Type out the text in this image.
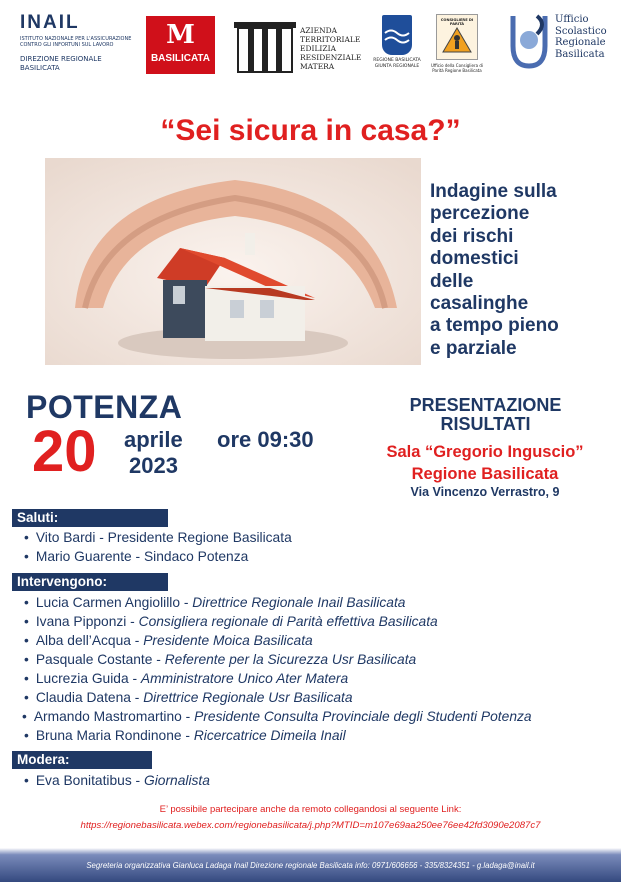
INAIL
ISTITUTO NAZIONALE PER L'ASSICURAZIONE CONTRO GLI INFORTUNI SUL LAVORO
DIREZIONE REGIONALE
BASILICATA
M
BASILICATA
AZIENDA
TERRITORIALE
EDILIZIA
RESIDENZIALE
MATERA
REGIONE BASILICATA GIUNTA REGIONALE
CONSIGLIERE DI PARITÀ
Ufficio della Consigliera di Parità Regione Basilicata
Ufficio
Scolastico
Regionale
Basilicata
“Sei sicura in casa?”
Indagine sulla
percezione
dei rischi
domestici
delle
casalinghe
a tempo pieno
e parziale
POTENZA
20 aprile ore 09:30
2023
PRESENTAZIONE
RISULTATI
Sala “Gregorio Inguscio”
Regione Basilicata
Via Vincenzo Verrastro, 9
Saluti:
• Vito Bardi - Presidente Regione Basilicata
• Mario Guarente - Sindaco Potenza
Intervengono:
• Lucia Carmen Angiolillo - Direttrice Regionale Inail Basilicata
• Ivana Pipponzi - Consigliera regionale di Parità effettiva Basilicata
• Alba dell’Acqua - Presidente Moica Basilicata
• Pasquale Costante - Referente per la Sicurezza Usr Basilicata
• Lucrezia Guida - Amministratore Unico Ater Matera
• Claudia Datena - Direttrice Regionale Usr Basilicata
• Armando Mastromartino - Presidente Consulta Provinciale degli Studenti Potenza
• Bruna Maria Rondinone - Ricercatrice Dimeila Inail
Modera:
• Eva Bonitatibus - Giornalista
E’ possibile partecipare anche da remoto collegandosi al seguente Link:
https://regionebasilicata.webex.com/regionebasilicata/j.php?MTID=m107e69aa250ee76ee42fd3090e2087c7
Segreteria organizzativa Gianluca Ladaga Inail Direzione regionale Basilicata info: 0971/606656 - 335/8324351 - g.ladaga@inail.it
